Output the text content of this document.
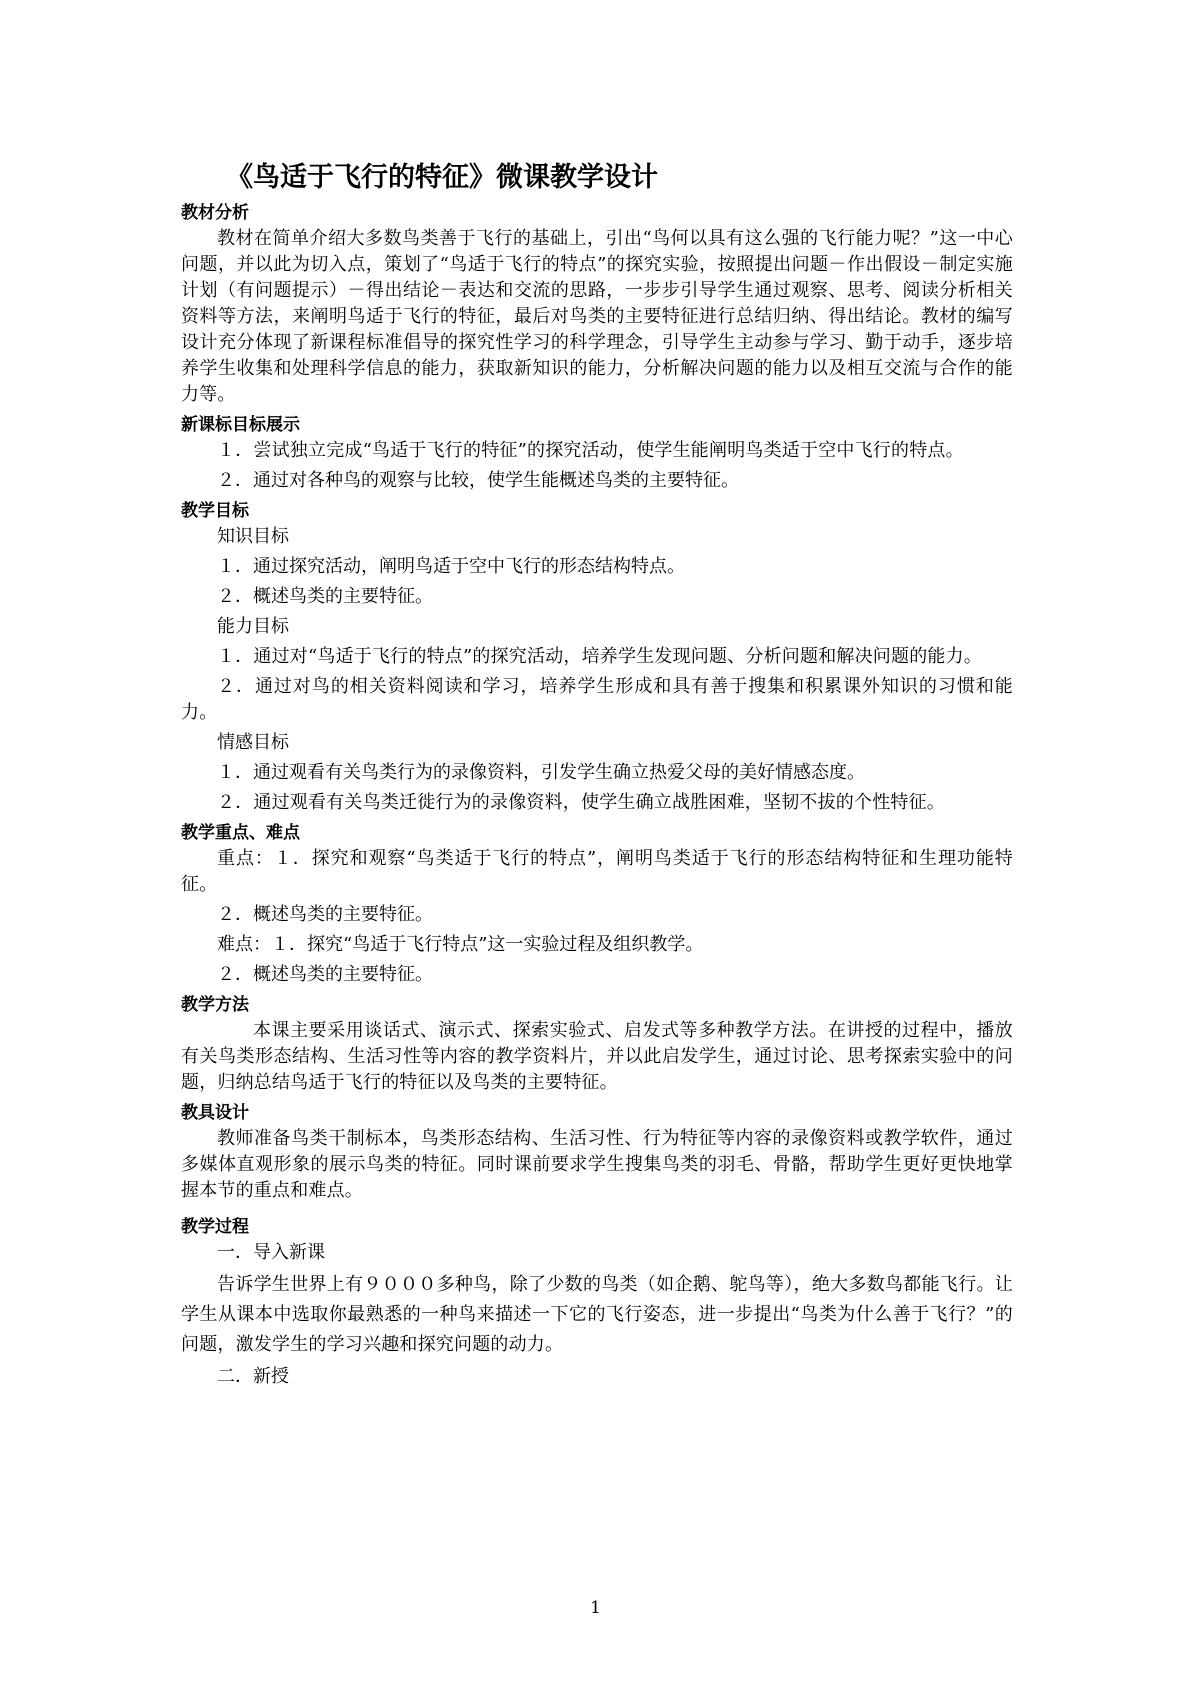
《鸟适于飞行的特征》微课教学设计
教材分析

教材在简单介绍大多数鸟类善于飞行的基础上，引出“鸟何以具有这么强的飞行能力呢？”这一中心问题，并以此为切入点，策划了“鸟适于飞行的特点”的探究实验，按照提出问题－作出假设－制定实施计划（有问题提示）－得出结论－表达和交流的思路，一步步引导学生通过观察、思考、阅读分析相关资料等方法，来阐明鸟适于飞行的特征，最后对鸟类的主要特征进行总结归纳、得出结论。教材的编写设计充分体现了新课程标准倡导的探究性学习的科学理念，引导学生主动参与学习、勤于动手，逐步培养学生收集和处理科学信息的能力，获取新知识的能力，分析解决问题的能力以及相互交流与合作的能力等。

新课标目标展示

１．尝试独立完成“鸟适于飞行的特征”的探究活动，使学生能阐明鸟类适于空中飞行的特点。

２．通过对各种鸟的观察与比较，使学生能概述鸟类的主要特征。

教学目标

知识目标

１．通过探究活动，阐明鸟适于空中飞行的形态结构特点。

２．概述鸟类的主要特征。

能力目标

１．通过对“鸟适于飞行的特点”的探究活动，培养学生发现问题、分析问题和解决问题的能力。

２．通过对鸟的相关资料阅读和学习，培养学生形成和具有善于搜集和积累课外知识的习惯和能力。

情感目标

１．通过观看有关鸟类行为的录像资料，引发学生确立热爱父母的美好情感态度。

２．通过观看有关鸟类迁徙行为的录像资料，使学生确立战胜困难，坚韧不拔的个性特征。

教学重点、难点

重点：１．探究和观察“鸟类适于飞行的特点”，阐明鸟类适于飞行的形态结构特征和生理功能特征。

２．概述鸟类的主要特征。

难点：１．探究“鸟适于飞行特点”这一实验过程及组织教学。

２．概述鸟类的主要特征。

教学方法

本课主要采用谈话式、演示式、探索实验式、启发式等多种教学方法。在讲授的过程中，播放有关鸟类形态结构、生活习性等内容的教学资料片，并以此启发学生，通过讨论、思考探索实验中的问题，归纳总结鸟适于飞行的特征以及鸟类的主要特征。

教具设计

教师准备鸟类干制标本，鸟类形态结构、生活习性、行为特征等内容的录像资料或教学软件，通过多媒体直观形象的展示鸟类的特征。同时课前要求学生搜集鸟类的羽毛、骨骼，帮助学生更好更快地掌握本节的重点和难点。

教学过程

一．导入新课

告诉学生世界上有９０００多种鸟，除了少数的鸟类（如企鹅、鸵鸟等），绝大多数鸟都能飞行。让学生从课本中选取你最熟悉的一种鸟来描述一下它的飞行姿态，进一步提出“鸟类为什么善于飞行？”的问题，激发学生的学习兴趣和探究问题的动力。

二．新授

1
